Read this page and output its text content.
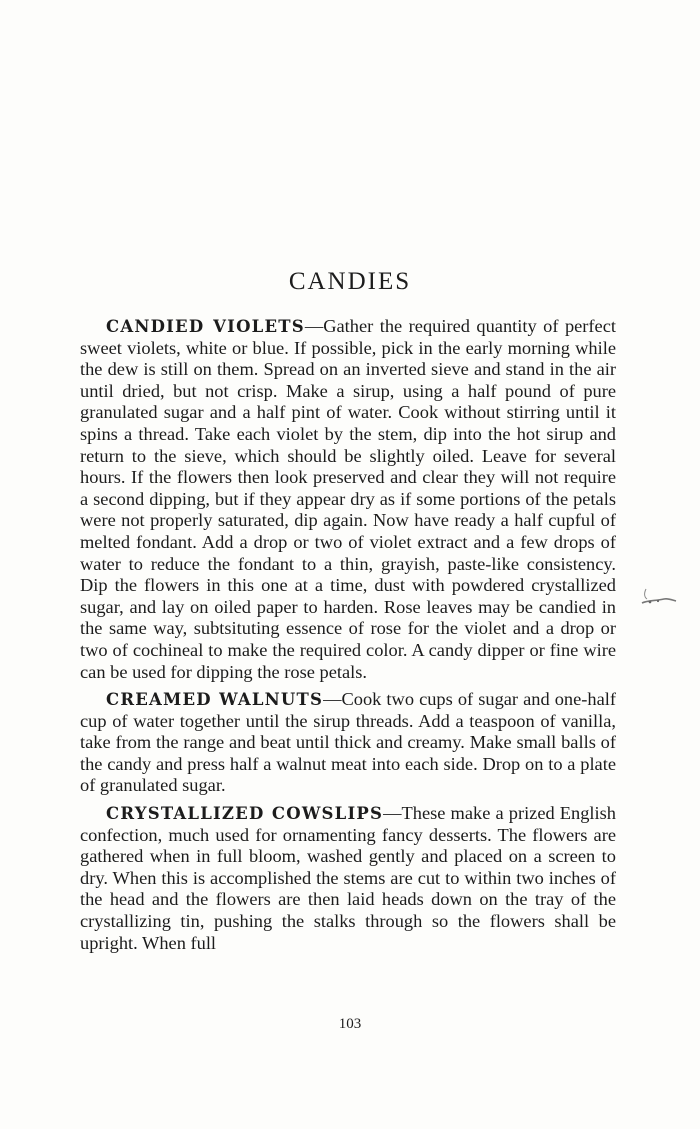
CANDIES

CANDIED VIOLETS—Gather the required quantity of perfect sweet violets, white or blue. If possible, pick in the early morning while the dew is still on them. Spread on an inverted sieve and stand in the air until dried, but not crisp. Make a sirup, using a half pound of pure granulated sugar and a half pint of water. Cook without stirring until it spins a thread. Take each violet by the stem, dip into the hot sirup and return to the sieve, which should be slightly oiled. Leave for several hours. If the flowers then look preserved and clear they will not require a second dipping, but if they appear dry as if some portions of the petals were not properly saturated, dip again. Now have ready a half cupful of melted fondant. Add a drop or two of violet extract and a few drops of water to reduce the fondant to a thin, grayish, paste-like consistency. Dip the flowers in this one at a time, dust with powdered crystallized sugar, and lay on oiled paper to harden. Rose leaves may be candied in the same way, subtsituting essence of rose for the violet and a drop or two of cochineal to make the required color. A candy dipper or fine wire can be used for dipping the rose petals.

CREAMED WALNUTS—Cook two cups of sugar and one-half cup of water together until the sirup threads. Add a teaspoon of vanilla, take from the range and beat until thick and creamy. Make small balls of the candy and press half a walnut meat into each side. Drop on to a plate of granulated sugar.

CRYSTALLIZED COWSLIPS—These make a prized English confection, much used for ornamenting fancy desserts. The flowers are gathered when in full bloom, washed gently and placed on a screen to dry. When this is accomplished the stems are cut to within two inches of the head and the flowers are then laid heads down on the tray of the crystallizing tin, pushing the stalks through so the flowers shall be upright. When full

103
